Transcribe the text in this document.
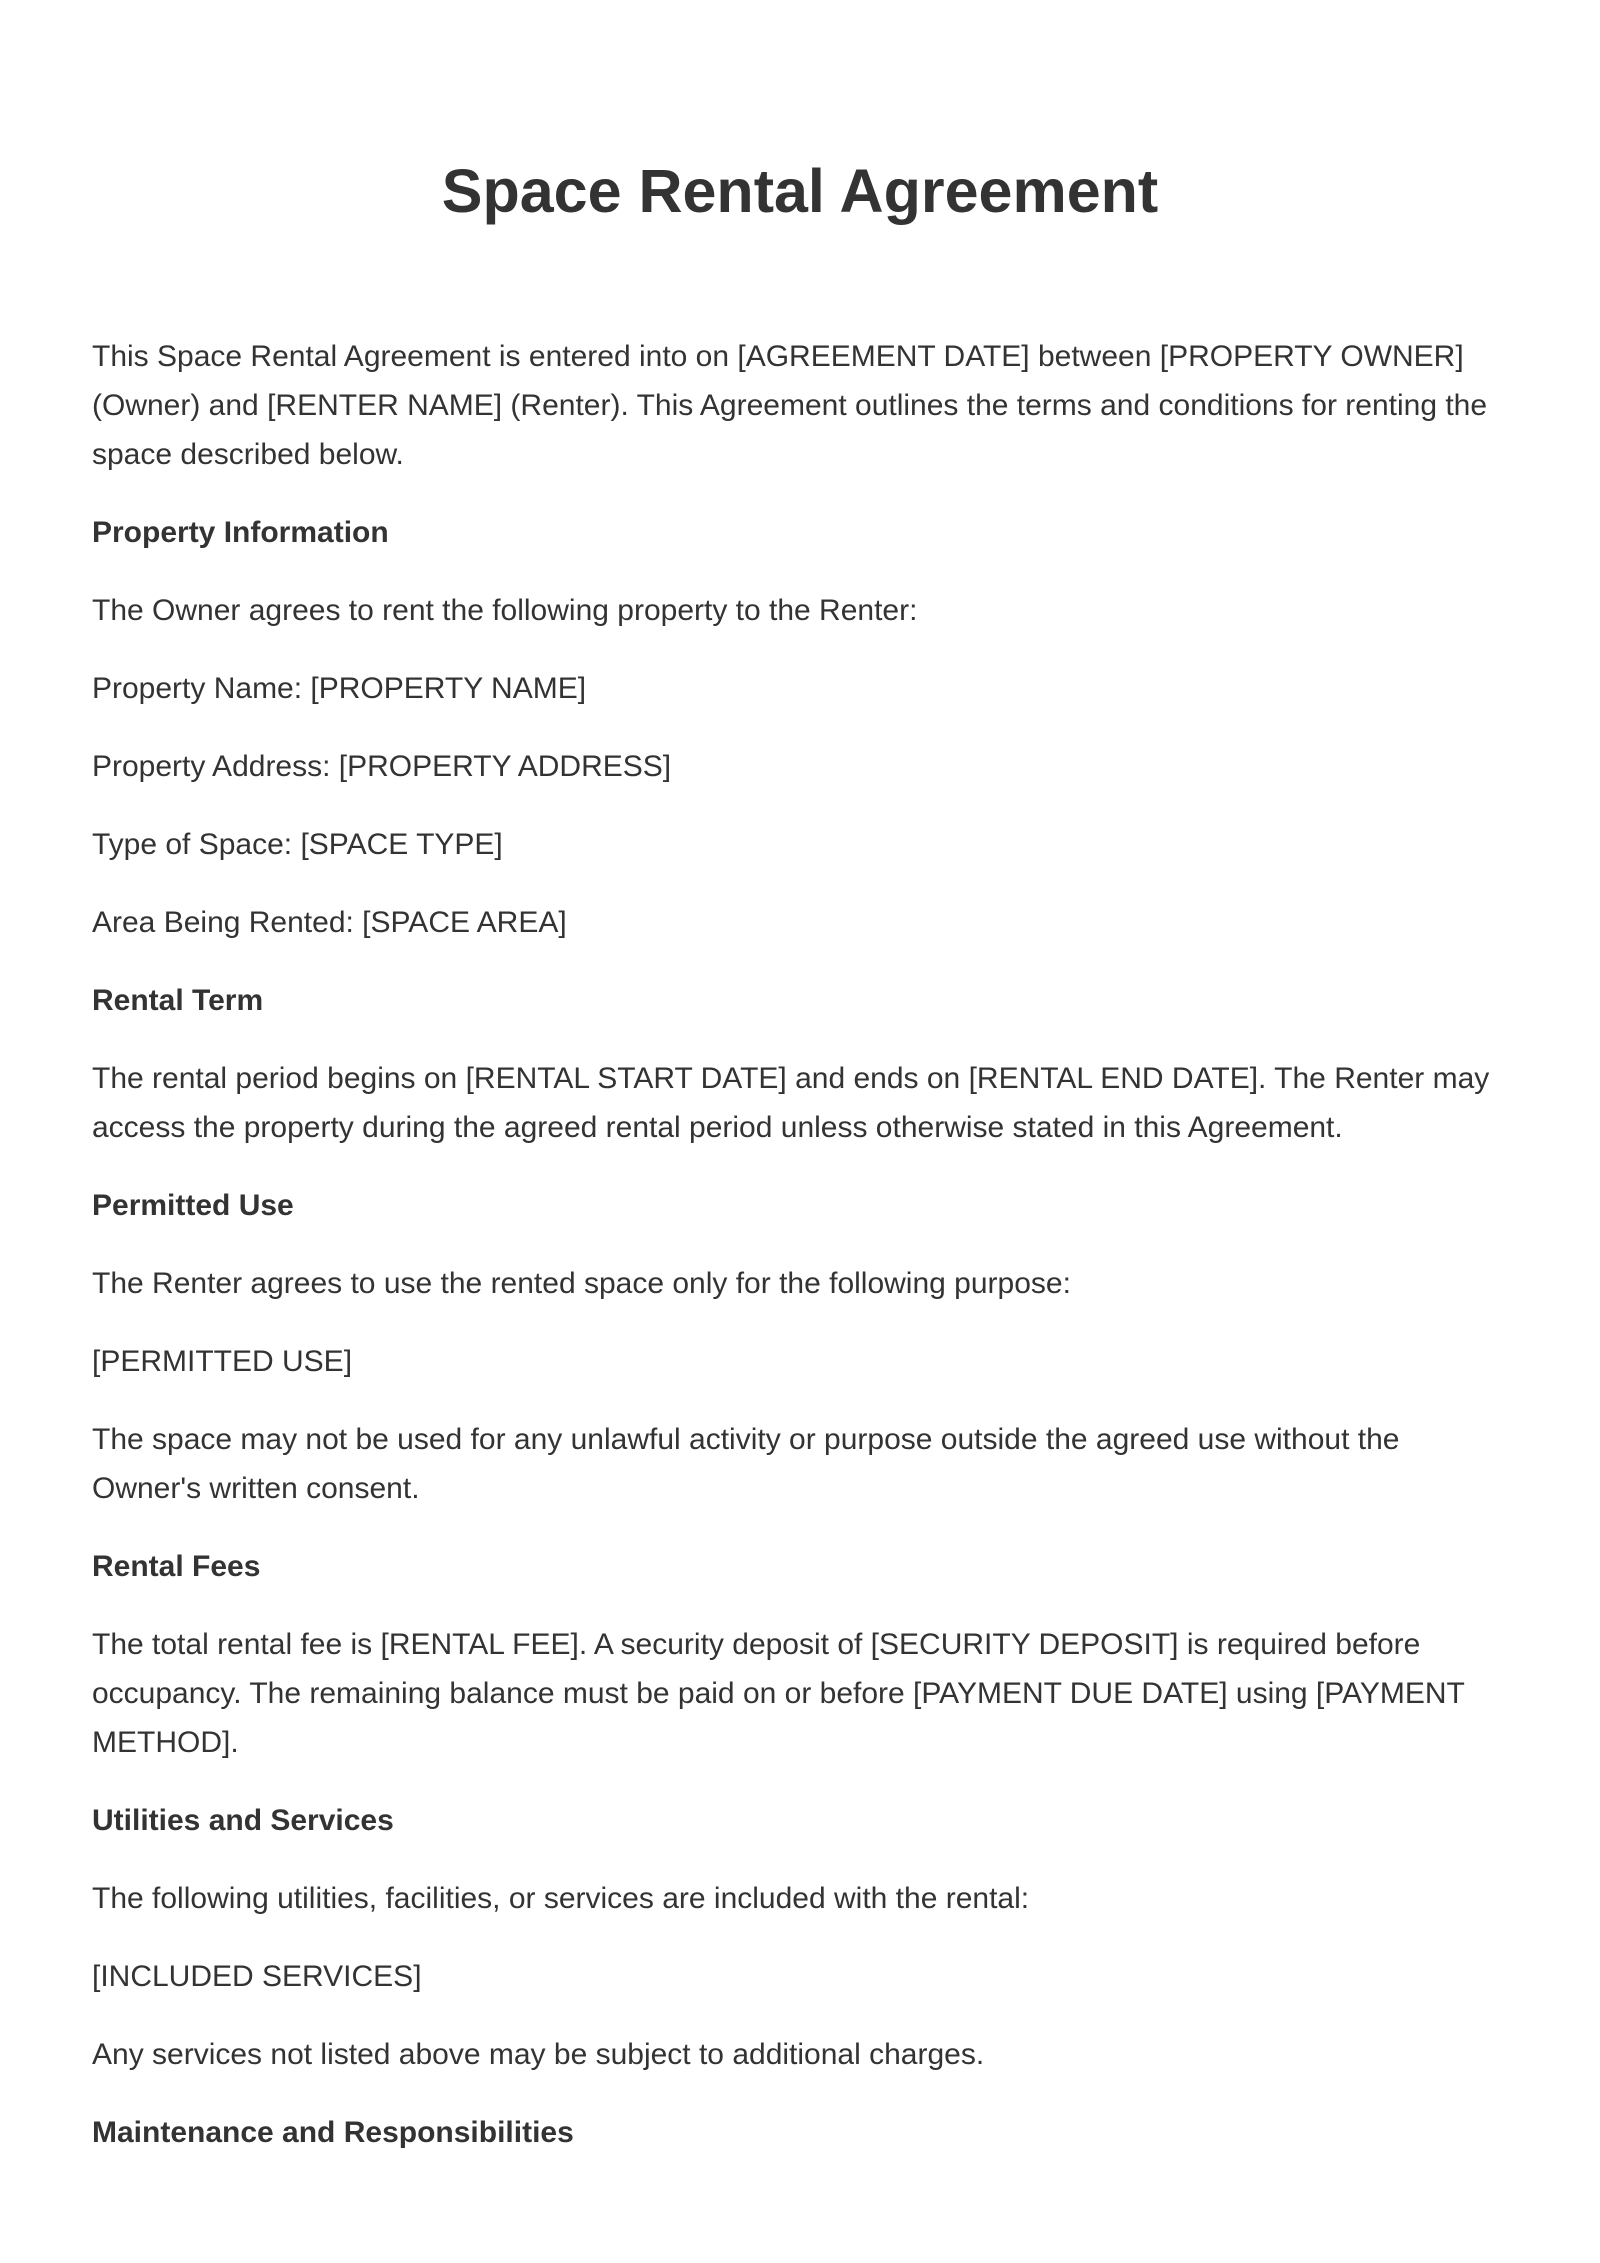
Space Rental Agreement

This Space Rental Agreement is entered into on [AGREEMENT DATE] between [PROPERTY OWNER] (Owner) and [RENTER NAME] (Renter). This Agreement outlines the terms and conditions for renting the space described below.

Property Information

The Owner agrees to rent the following property to the Renter:

Property Name: [PROPERTY NAME]

Property Address: [PROPERTY ADDRESS]

Type of Space: [SPACE TYPE]

Area Being Rented: [SPACE AREA]

Rental Term

The rental period begins on [RENTAL START DATE] and ends on [RENTAL END DATE]. The Renter may access the property during the agreed rental period unless otherwise stated in this Agreement.

Permitted Use

The Renter agrees to use the rented space only for the following purpose:

[PERMITTED USE]

The space may not be used for any unlawful activity or purpose outside the agreed use without the Owner's written consent.

Rental Fees

The total rental fee is [RENTAL FEE]. A security deposit of [SECURITY DEPOSIT] is required before occupancy. The remaining balance must be paid on or before [PAYMENT DUE DATE] using [PAYMENT METHOD].

Utilities and Services

The following utilities, facilities, or services are included with the rental:

[INCLUDED SERVICES]

Any services not listed above may be subject to additional charges.

Maintenance and Responsibilities
